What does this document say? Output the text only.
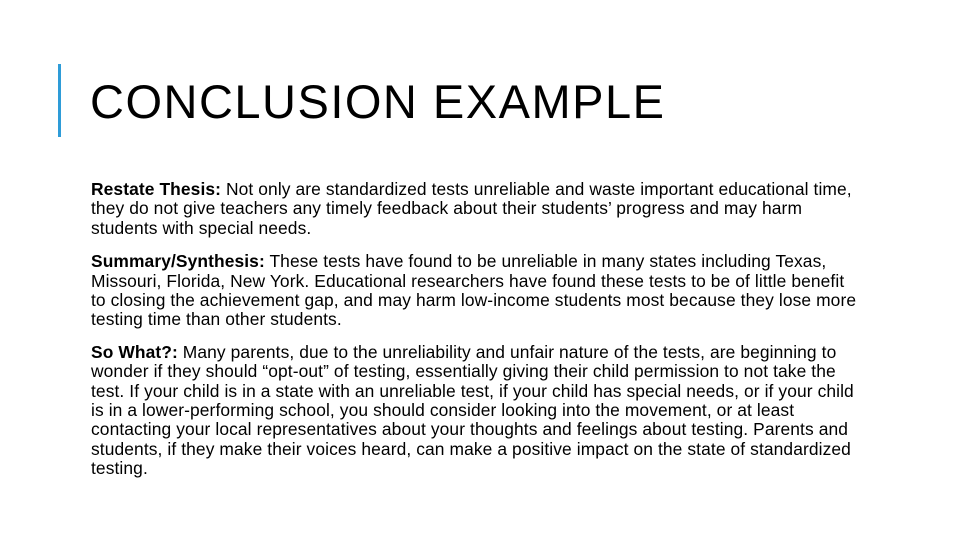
CONCLUSION EXAMPLE

Restate Thesis: Not only are standardized tests unreliable and waste important educational time, they do not give teachers any timely feedback about their students’ progress and may harm students with special needs.

Summary/Synthesis: These tests have found to be unreliable in many states including Texas, Missouri, Florida, New York. Educational researchers have found these tests to be of little benefit to closing the achievement gap, and may harm low-income students most because they lose more testing time than other students.

So What?: Many parents, due to the unreliability and unfair nature of the tests, are beginning to wonder if they should “opt-out” of testing, essentially giving their child permission to not take the test. If your child is in a state with an unreliable test, if your child has special needs, or if your child is in a lower-performing school, you should consider looking into the movement, or at least contacting your local representatives about your thoughts and feelings about testing. Parents and students, if they make their voices heard, can make a positive impact on the state of standardized testing.
